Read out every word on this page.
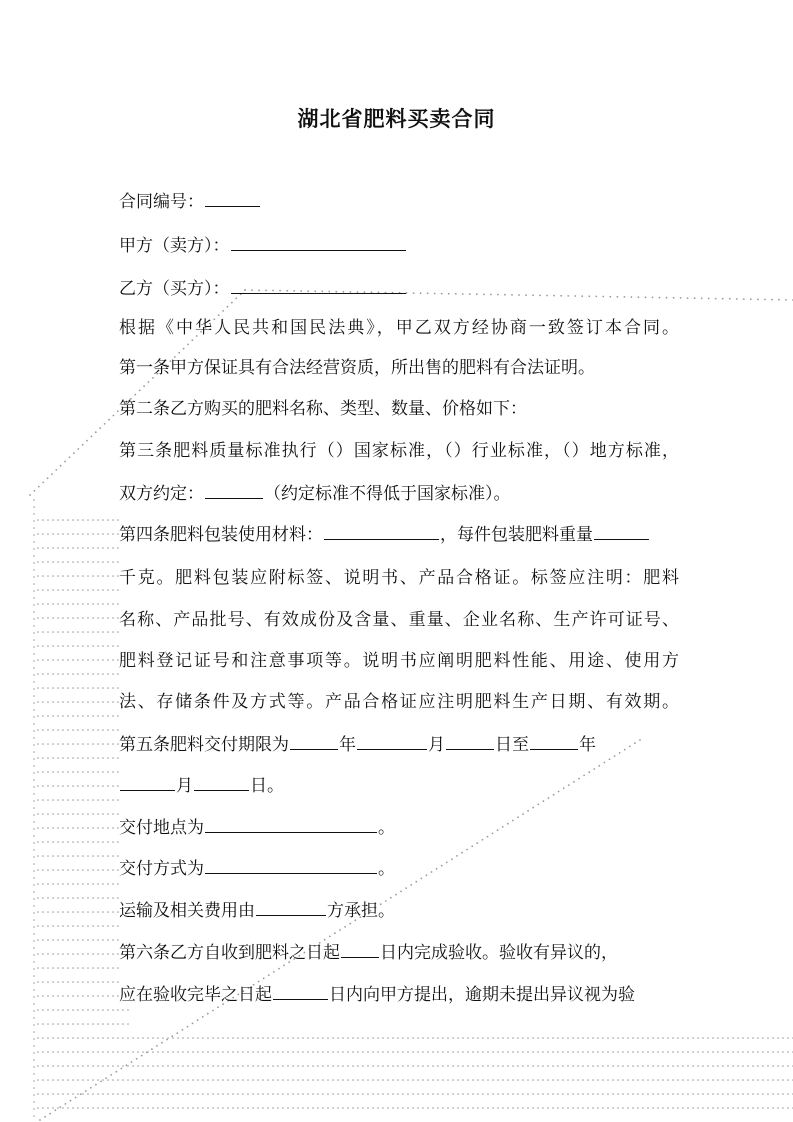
湖北省肥料买卖合同
合同编号：
甲方（卖方）：
乙方（买方）：
根据《中华人民共和国民法典》，甲乙双方经协商一致签订本合同。
第一条甲方保证具有合法经营资质，所出售的肥料有合法证明。
第二条乙方购买的肥料名称、类型、数量、价格如下：
第三条肥料质量标准执行（）国家标准，（）行业标准，（）地方标准，
双方约定：	（约定标准不得低于国家标准）。
第四条肥料包装使用材料：	，每件包装肥料重量
千克。肥料包装应附标签、说明书、产品合格证。标签应注明：肥料
名称、产品批号、有效成份及含量、重量、企业名称、生产许可证号、
肥料登记证号和注意事项等。说明书应阐明肥料性能、用途、使用方
法、存储条件及方式等。产品合格证应注明肥料生产日期、有效期。
第五条肥料交付期限为	年	月	日至	年
月	日。
交付地点为	。
交付方式为	。
运输及相关费用由	方承担。
第六条乙方自收到肥料之日起 日内完成验收。验收有异议的，
应在验收完毕之日起	日内向甲方提出，逾期未提出异议视为验
